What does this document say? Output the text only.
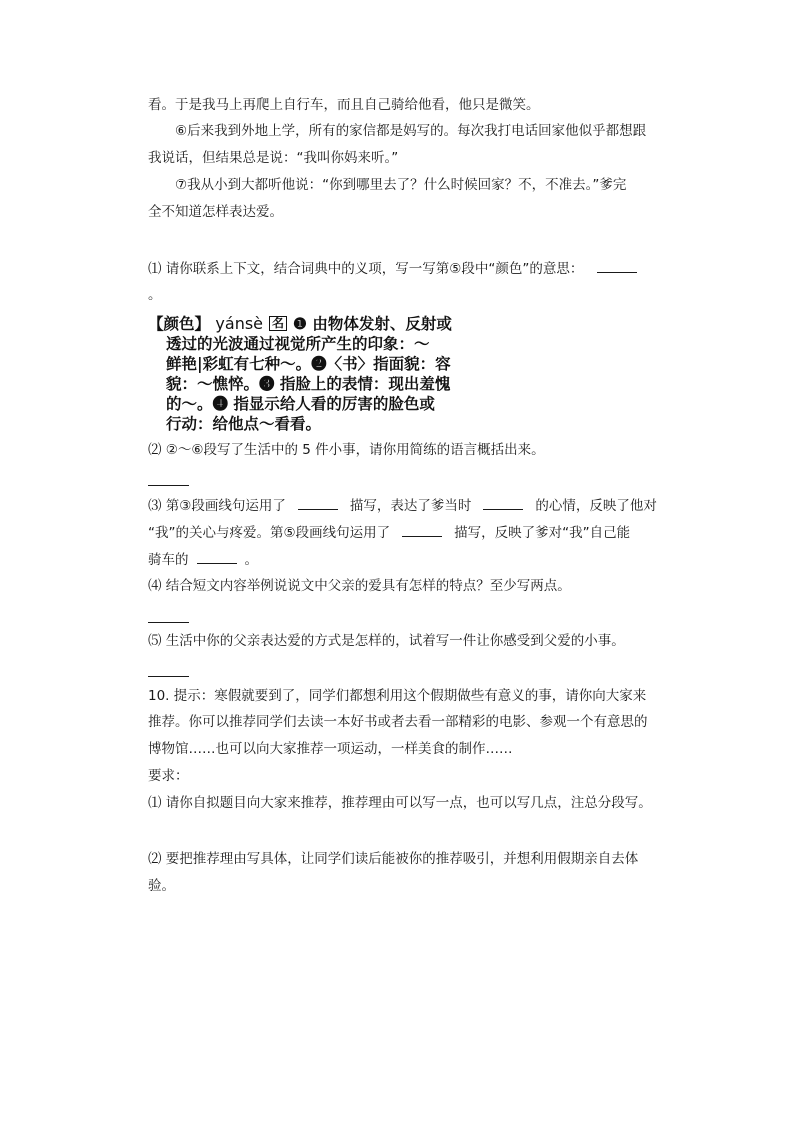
看。于是我马上再爬上自行车，而且自己骑给他看，他只是微笑。
⑥后来我到外地上学，所有的家信都是妈写的。每次我打电话回家他似乎都想跟
我说话，但结果总是说：“我叫你妈来听。”
⑦我从小到大都听他说：“你到哪里去了？什么时候回家？不，不准去。”爹完
全不知道怎样表达爱。
⑴ 请你联系上下文，结合词典中的义项，写一写第⑤段中“颜色”的意思：
。
【颜色】 yánsè 名 ❶ 由物体发射、反射或
透过的光波通过视觉所产生的印象：～
鲜艳|彩虹有七种～。❷〈书〉指面貌：容
貌：～憔悴。❸ 指脸上的表情：现出羞愧
的～。❹ 指显示给人看的厉害的脸色或
行动：给他点～看看。
⑵ ②～⑥段写了生活中的 5 件小事，请你用简练的语言概括出来。
⑶ 第③段画线句运用了	描写，表达了爹当时	的心情，反映了他对
“我”的关心与疼爱。第⑤段画线句运用了	描写，反映了爹对“我”自己能
骑车的	。
⑷ 结合短文内容举例说说文中父亲的爱具有怎样的特点？至少写两点。
⑸ 生活中你的父亲表达爱的方式是怎样的，试着写一件让你感受到父爱的小事。
10. 提示：寒假就要到了，同学们都想利用这个假期做些有意义的事，请你向大家来
推荐。你可以推荐同学们去读一本好书或者去看一部精彩的电影、参观一个有意思的
博物馆……也可以向大家推荐一项运动，一样美食的制作……
要求：
⑴ 请你自拟题目向大家来推荐，推荐理由可以写一点，也可以写几点，注总分段写。
⑵ 要把推荐理由写具体，让同学们读后能被你的推荐吸引，并想利用假期亲自去体
验。
